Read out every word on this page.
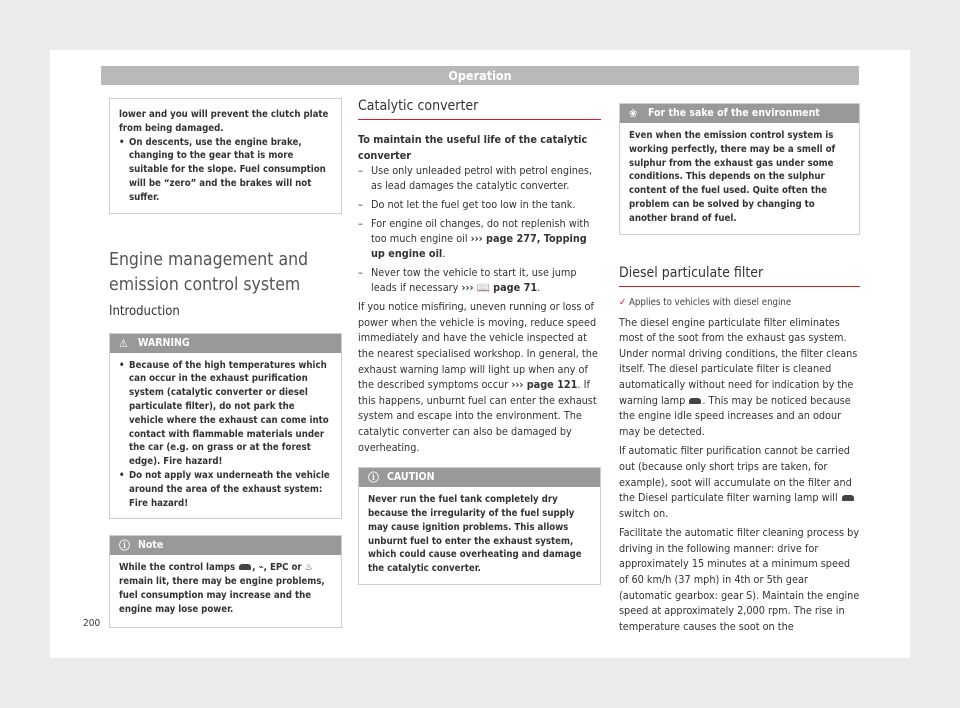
Operation
lower and you will prevent the clutch plate from being damaged.
• On descents, use the engine brake, changing to the gear that is more suitable for the slope. Fuel consumption will be “zero” and the brakes will not suffer.
Engine management and emission control system
Introduction
⚠ WARNING
• Because of the high temperatures which can occur in the exhaust purification system (catalytic converter or diesel particulate filter), do not park the vehicle where the exhaust can come into contact with flammable materials under the car (e.g. on grass or at the forest edge). Fire hazard!
• Do not apply wax underneath the vehicle around the area of the exhaust system: Fire hazard!
ⓘ Note
While the control lamps , ⌁, EPC or ♨ remain lit, there may be engine problems, fuel consumption may increase and the engine may lose power.
Catalytic converter
To maintain the useful life of the catalytic converter
– Use only unleaded petrol with petrol engines, as lead damages the catalytic converter.
– Do not let the fuel get too low in the tank.
– For engine oil changes, do not replenish with too much engine oil ››› page 277, Topping up engine oil.
– Never tow the vehicle to start it, use jump leads if necessary ››› 📖 page 71.

If you notice misfiring, uneven running or loss of power when the vehicle is moving, reduce speed immediately and have the vehicle inspected at the nearest specialised workshop. In general, the exhaust warning lamp will light up when any of the described symptoms occur ››› page 121. If this happens, unburnt fuel can enter the exhaust system and escape into the environment. The catalytic converter can also be damaged by overheating.

ⓘ CAUTION
Never run the fuel tank completely dry because the irregularity of the fuel supply may cause ignition problems. This allows unburnt fuel to enter the exhaust system, which could cause overheating and damage the catalytic converter.
❀ For the sake of the environment
Even when the emission control system is working perfectly, there may be a smell of sulphur from the exhaust gas under some conditions. This depends on the sulphur content of the fuel used. Quite often the problem can be solved by changing to another brand of fuel.
Diesel particulate filter
✓ Applies to vehicles with diesel engine

The diesel engine particulate filter eliminates most of the soot from the exhaust gas system. Under normal driving conditions, the filter cleans itself. The diesel particulate filter is cleaned automatically without need for indication by the warning lamp . This may be noticed because the engine idle speed increases and an odour may be detected.

If automatic filter purification cannot be carried out (because only short trips are taken, for example), soot will accumulate on the filter and the Diesel particulate filter warning lamp will  switch on.

Facilitate the automatic filter cleaning process by driving in the following manner: drive for approximately 15 minutes at a minimum speed of 60 km/h (37 mph) in 4th or 5th gear (automatic gearbox: gear S). Maintain the engine speed at approximately 2,000 rpm. The rise in temperature causes the soot on the

200
